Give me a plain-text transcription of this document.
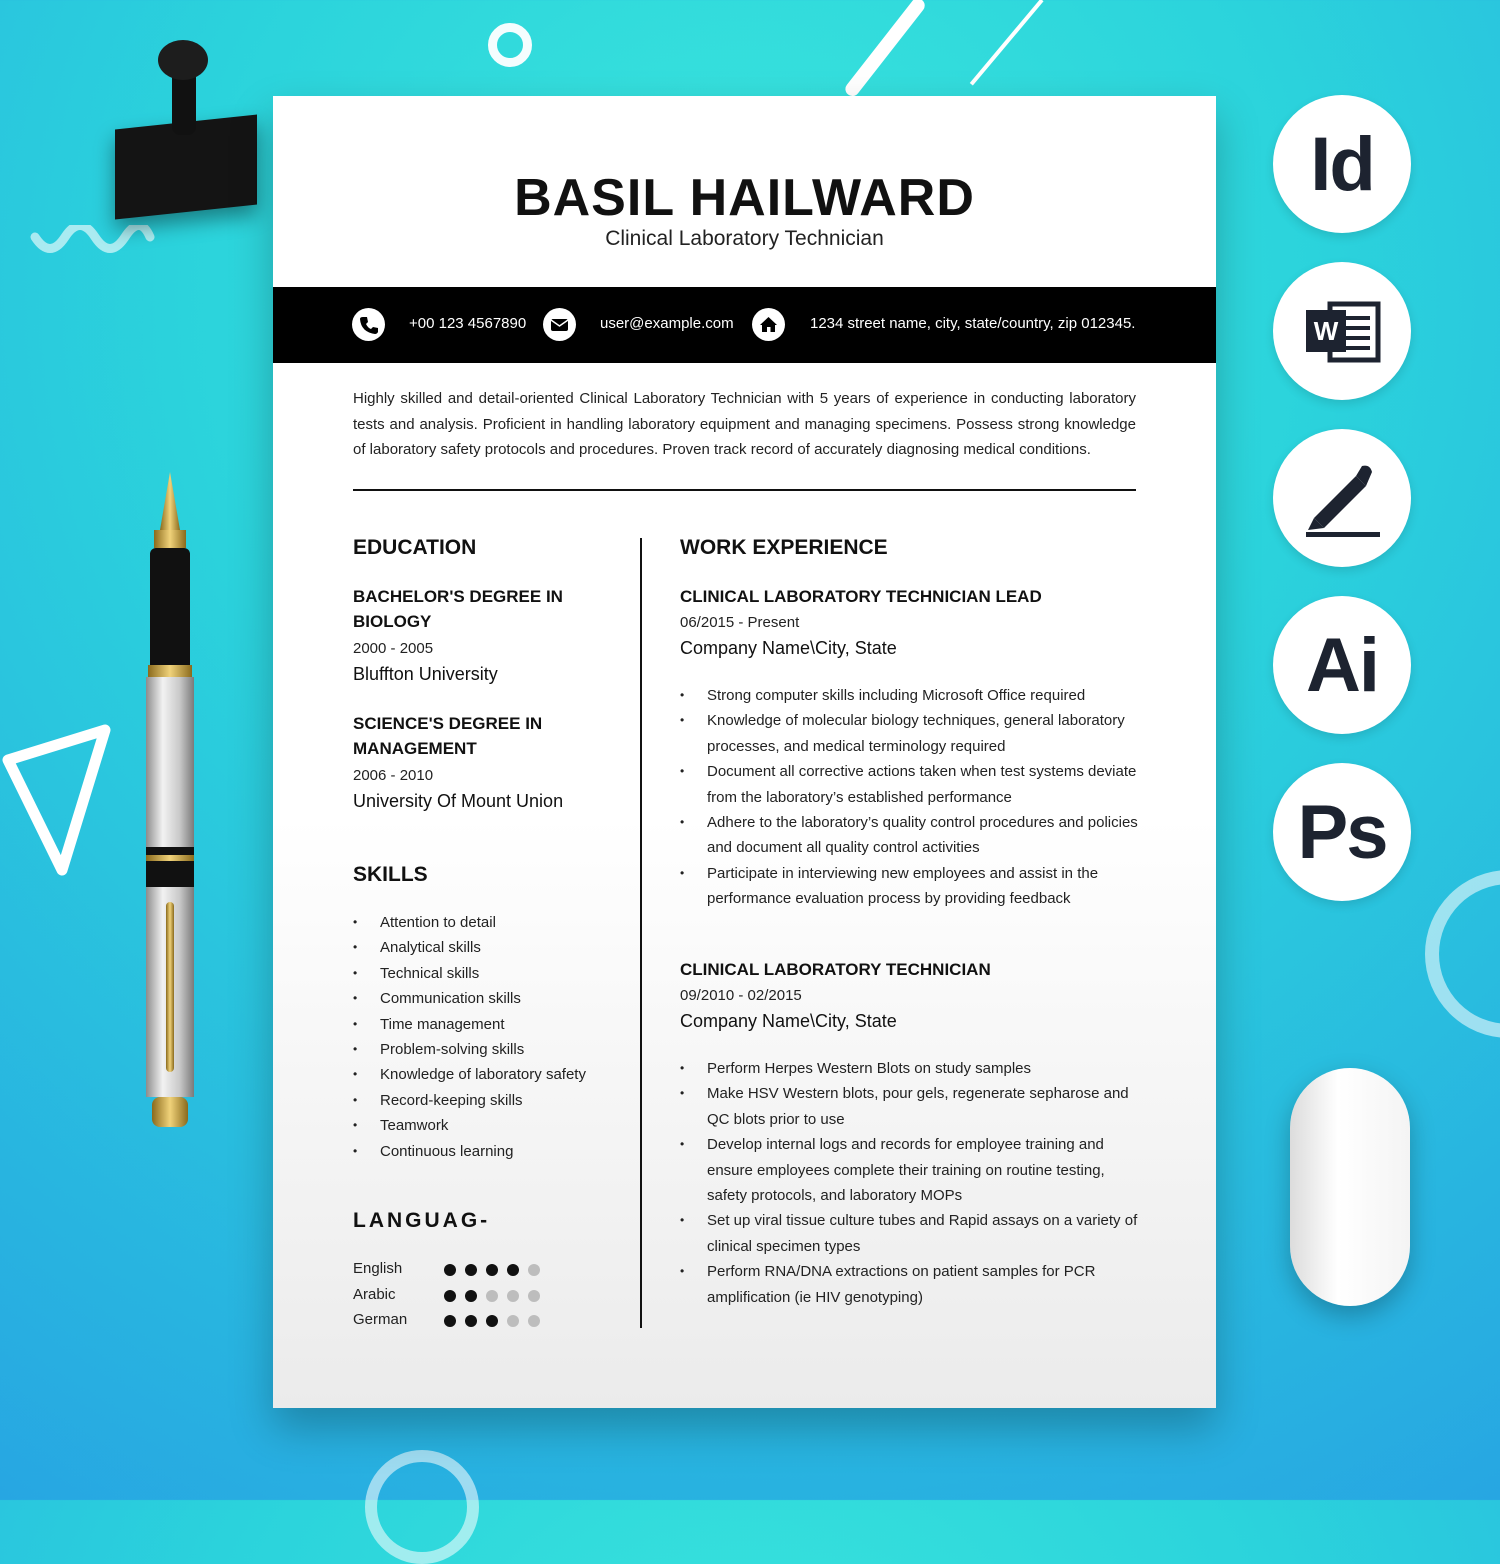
BASIL HAILWARD
Clinical Laboratory Technician
+00 123 4567890	user@example.com	1234 street name, city, state/country, zip 012345.
Highly skilled and detail-oriented Clinical Laboratory Technician with 5 years of experience in conducting laboratory tests and analysis. Proficient in handling laboratory equipment and managing specimens. Possess strong knowledge of laboratory safety protocols and procedures. Proven track record of accurately diagnosing medical conditions.
EDUCATION
BACHELOR'S DEGREE IN
BIOLOGY
2000 - 2005
Bluffton University
SCIENCE'S DEGREE IN
MANAGEMENT
2006 - 2010
University Of Mount Union
SKILLS
• Attention to detail
• Analytical skills
• Technical skills
• Communication skills
• Time management
• Problem-solving skills
• Knowledge of laboratory safety
• Record-keeping skills
• Teamwork
• Continuous learning
LANGUAG-
English
Arabic
German
WORK EXPERIENCE
CLINICAL LABORATORY TECHNICIAN LEAD
06/2015 - Present
Company Name\City, State
• Strong computer skills including Microsoft Office required
• Knowledge of molecular biology techniques, general laboratory processes, and medical terminology required
• Document all corrective actions taken when test systems deviate from the laboratory’s established performance
• Adhere to the laboratory’s quality control procedures and policies and document all quality control activities
• Participate in interviewing new employees and assist in the performance evaluation process by providing feedback
CLINICAL LABORATORY TECHNICIAN
09/2010 - 02/2015
Company Name\City, State
• Perform Herpes Western Blots on study samples
• Make HSV Western blots, pour gels, regenerate sepharose and QC blots prior to use
• Develop internal logs and records for employee training and ensure employees complete their training on routine testing, safety protocols, and laboratory MOPs
• Set up viral tissue culture tubes and Rapid assays on a variety of clinical specimen types
• Perform RNA/DNA extractions on patient samples for PCR amplification (ie HIV genotyping)
Id
W
Ai
Ps
